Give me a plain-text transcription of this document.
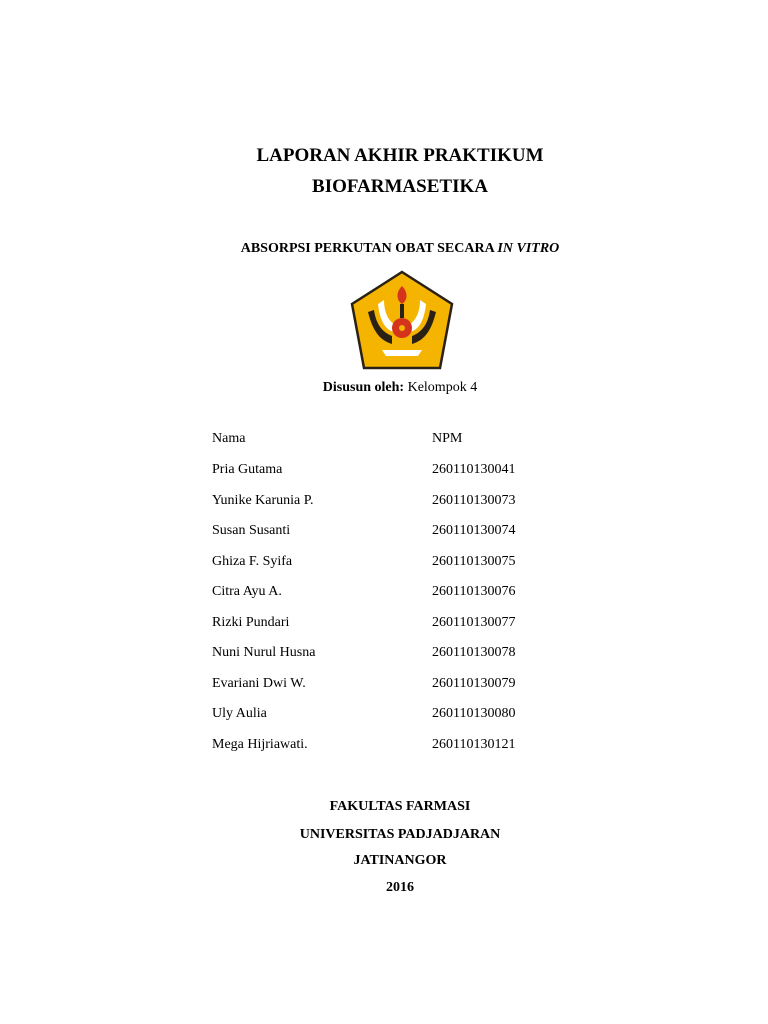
LAPORAN AKHIR PRAKTIKUM
BIOFARMASETIKA
ABSORPSI PERKUTAN OBAT SECARA IN VITRO
Disusun oleh: Kelompok 4
Nama	NPM
Pria Gutama	260110130041
Yunike Karunia P.	260110130073
Susan Susanti	260110130074
Ghiza F. Syifa	260110130075
Citra Ayu A.	260110130076
Rizki Pundari	260110130077
Nuni Nurul Husna	260110130078
Evariani Dwi W.	260110130079
Uly Aulia	260110130080
Mega Hijriawati.	260110130121
FAKULTAS FARMASI
UNIVERSITAS PADJADJARAN
JATINANGOR
2016
